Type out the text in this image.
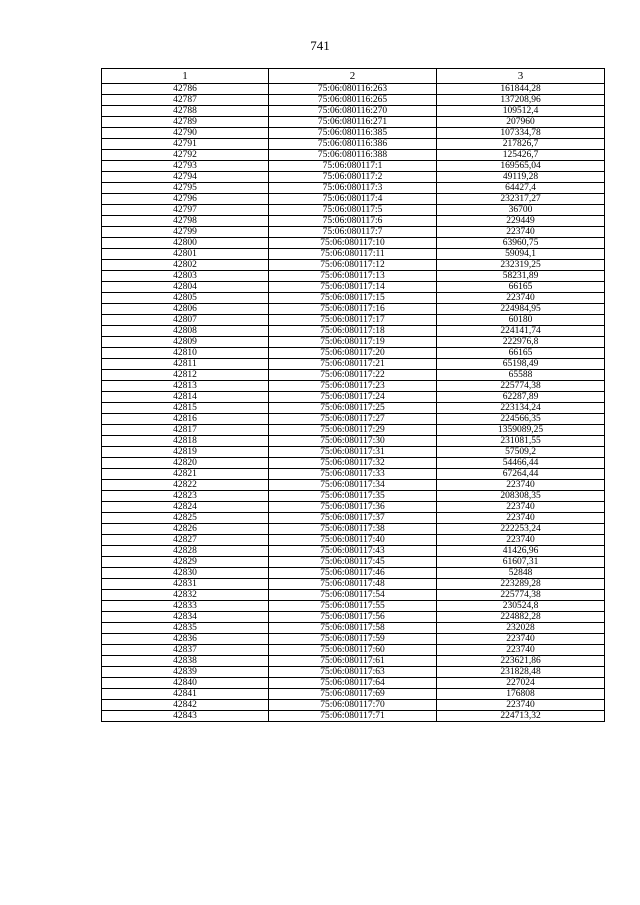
741
1	2	3
42786	75:06:080116:263	161844,28
42787	75:06:080116:265	137208,96
42788	75:06:080116:270	109512,4
42789	75:06:080116:271	207960
42790	75:06:080116:385	107334,78
42791	75:06:080116:386	217826,7
42792	75:06:080116:388	125426,7
42793	75:06:080117:1	169565,04
42794	75:06:080117:2	49119,28
42795	75:06:080117:3	64427,4
42796	75:06:080117:4	232317,27
42797	75:06:080117:5	36700
42798	75:06:080117:6	229449
42799	75:06:080117:7	223740
42800	75:06:080117:10	63960,75
42801	75:06:080117:11	59094,1
42802	75:06:080117:12	232319,25
42803	75:06:080117:13	58231,89
42804	75:06:080117:14	66165
42805	75:06:080117:15	223740
42806	75:06:080117:16	224984,95
42807	75:06:080117:17	60180
42808	75:06:080117:18	224141,74
42809	75:06:080117:19	222976,8
42810	75:06:080117:20	66165
42811	75:06:080117:21	65198,49
42812	75:06:080117:22	65588
42813	75:06:080117:23	225774,38
42814	75:06:080117:24	62287,89
42815	75:06:080117:25	223134,24
42816	75:06:080117:27	224566,35
42817	75:06:080117:29	1359089,25
42818	75:06:080117:30	231081,55
42819	75:06:080117:31	57509,2
42820	75:06:080117:32	54466,44
42821	75:06:080117:33	67264,44
42822	75:06:080117:34	223740
42823	75:06:080117:35	208308,35
42824	75:06:080117:36	223740
42825	75:06:080117:37	223740
42826	75:06:080117:38	222253,24
42827	75:06:080117:40	223740
42828	75:06:080117:43	41426,96
42829	75:06:080117:45	61607,31
42830	75:06:080117:46	52848
42831	75:06:080117:48	223289,28
42832	75:06:080117:54	225774,38
42833	75:06:080117:55	230524,8
42834	75:06:080117:56	224882,28
42835	75:06:080117:58	232028
42836	75:06:080117:59	223740
42837	75:06:080117:60	223740
42838	75:06:080117:61	223621,86
42839	75:06:080117:63	231828,48
42840	75:06:080117:64	227024
42841	75:06:080117:69	176808
42842	75:06:080117:70	223740
42843	75:06:080117:71	224713,32
